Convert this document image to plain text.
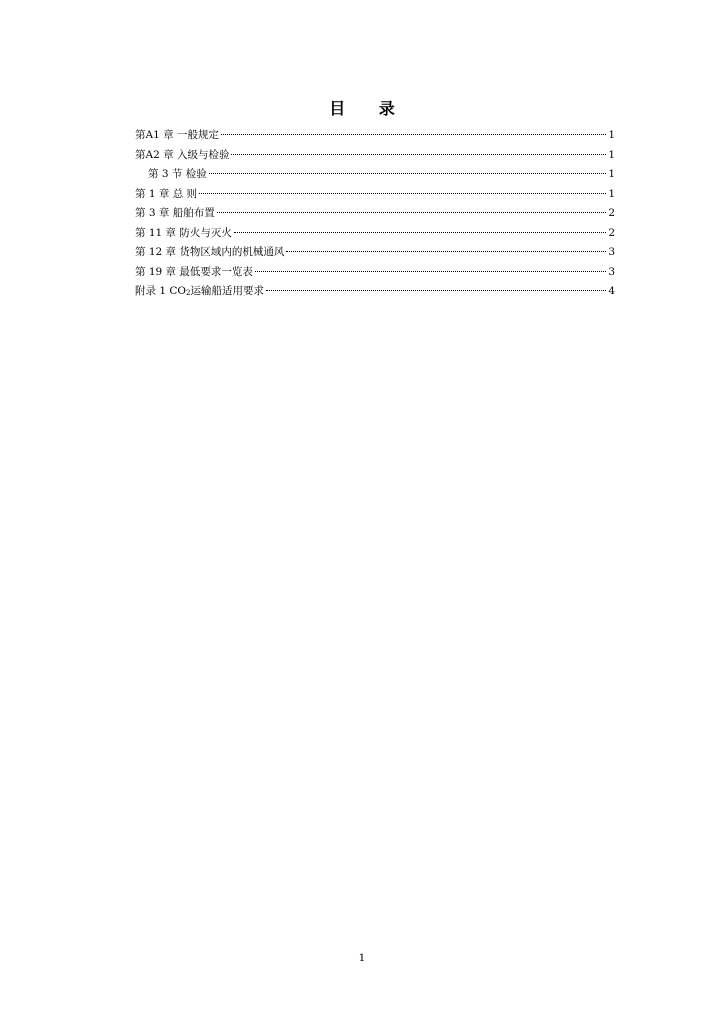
目 录
第A1 章 一般规定	1
第A2 章 入级与检验	1
第 3 节 检验	1
第 1 章 总 则	1
第 3 章 船舶布置	2
第 11 章 防火与灭火	2
第 12 章 货物区域内的机械通风	3
第 19 章 最低要求一览表	3
附录 1 $CO_2$运输船适用要求	4
1
